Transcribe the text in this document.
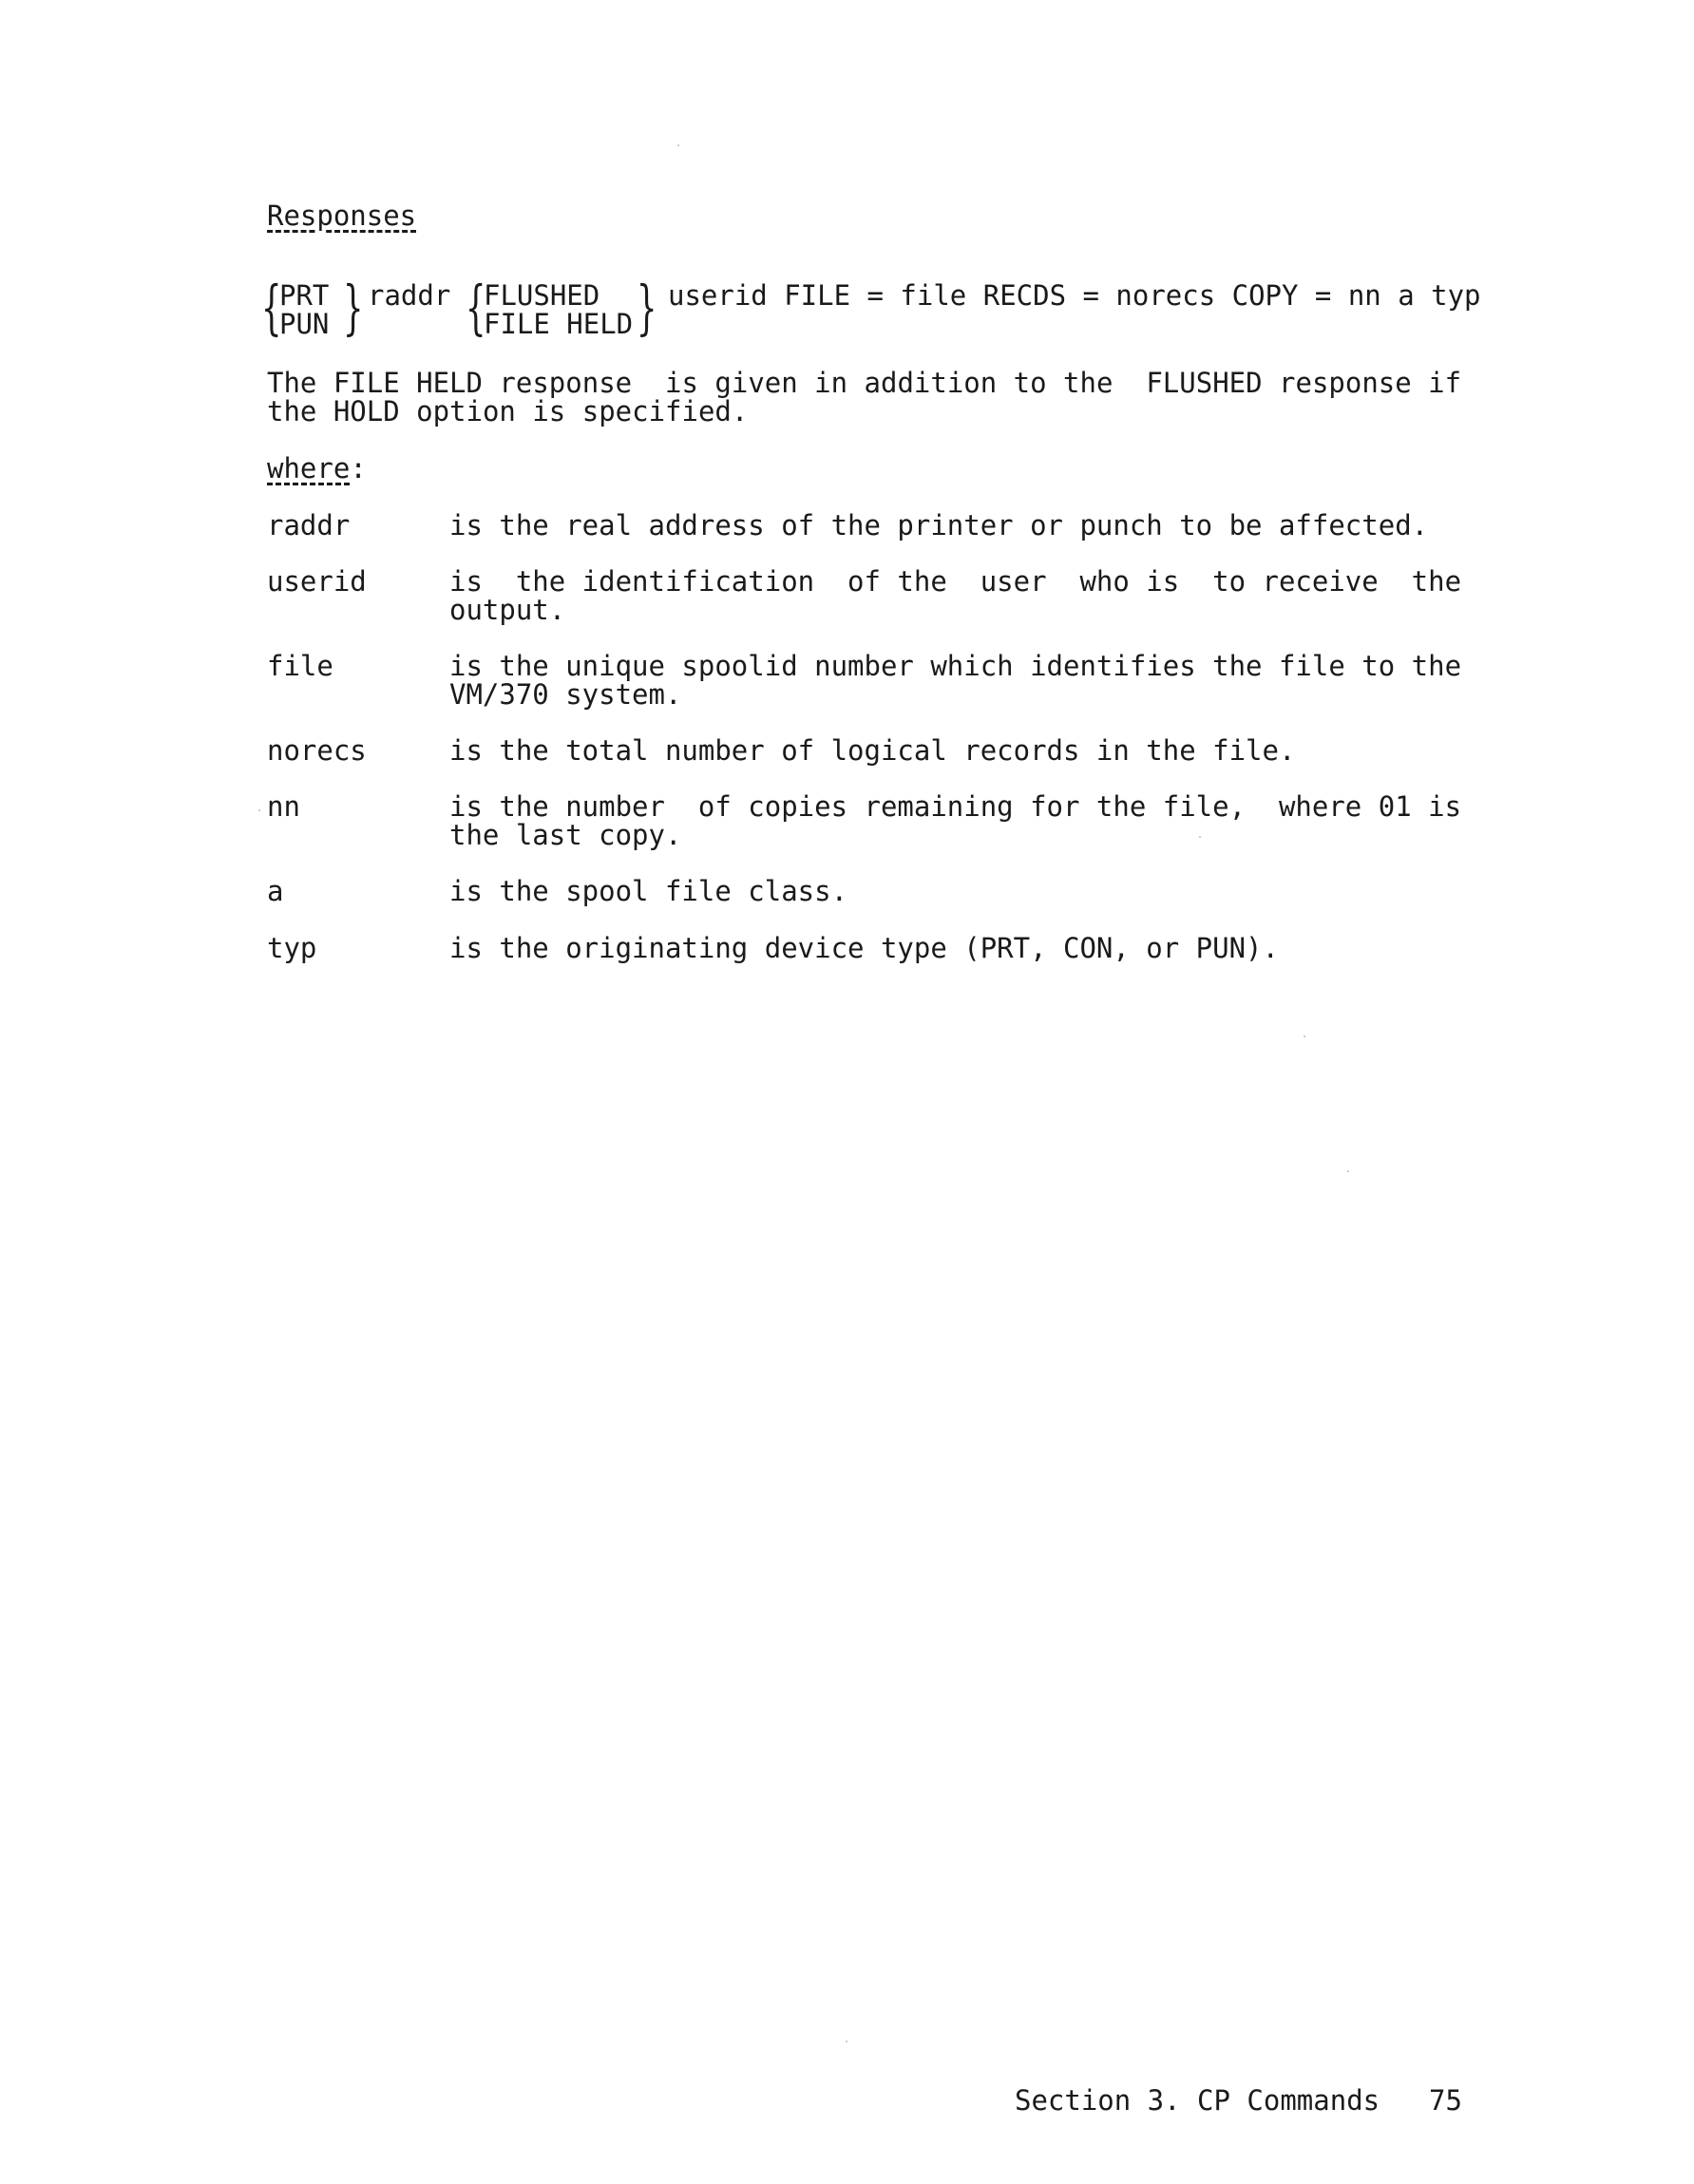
Responses
{
PRT
PUN } raddr {
FLUSHED
FILE HELD } userid FILE = file RECDS = norecs COPY = nn a typ
The FILE HELD response  is given in addition to the  FLUSHED response if
the HOLD option is specified.
where:
raddr	is the real address of the printer or punch to be affected.
userid	is  the identification  of the  user  who is  to receive  the
output.
file	is the unique spoolid number which identifies the file to the
VM/370 system.
norecs	is the total number of logical records in the file.
nn	is the number  of copies remaining for the file,  where 01 is
the last copy.
a	is the spool file class.
typ	is the originating device type (PRT, CON, or PUN).
Section 3. CP Commands 75
